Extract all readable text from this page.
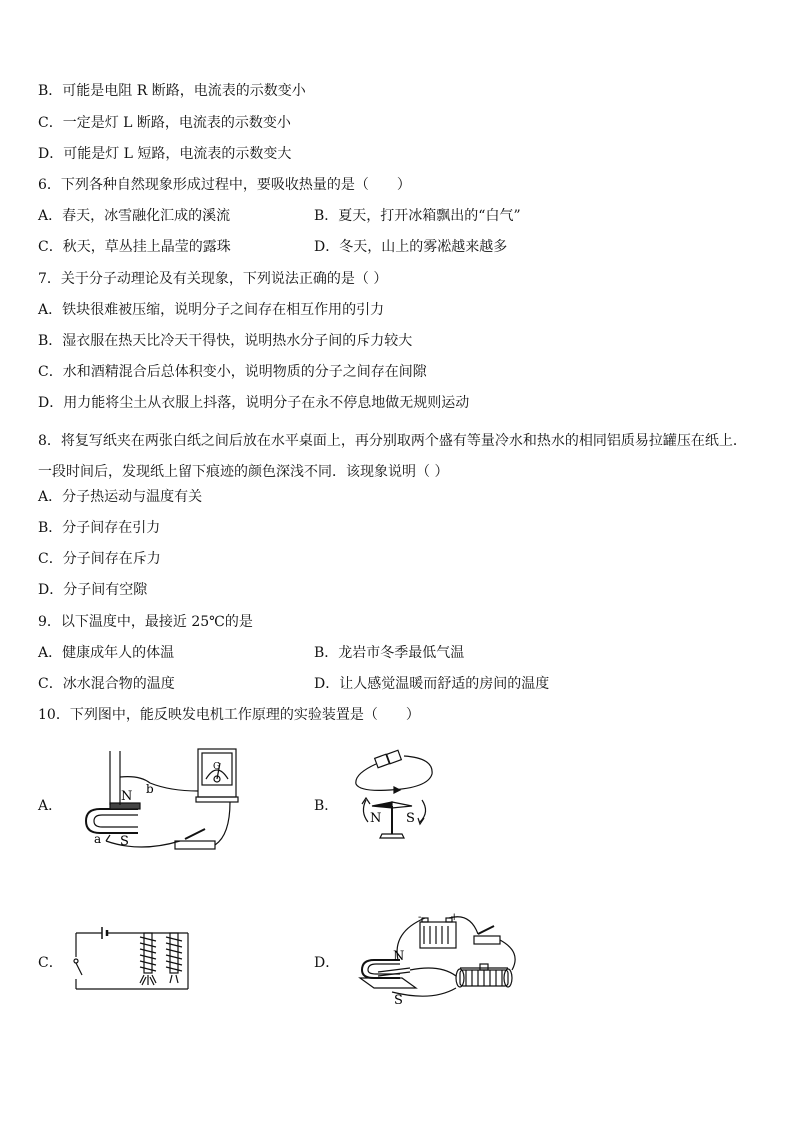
B．可能是电阻 R 断路，电流表的示数变小
C．一定是灯 L 断路，电流表的示数变小
D．可能是灯 L 短路，电流表的示数变大
6．下列各种自然现象形成过程中，要吸收热量的是（　　）
A．春天，冰雪融化汇成的溪流	B．夏天，打开冰箱飘出的“白气”
C．秋天，草丛挂上晶莹的露珠	D．冬天，山上的雾凇越来越多
7．关于分子动理论及有关现象，下列说法正确的是（ ）
A．铁块很难被压缩，说明分子之间存在相互作用的引力
B．湿衣服在热天比冷天干得快，说明热水分子间的斥力较大
C．水和酒精混合后总体积变小，说明物质的分子之间存在间隙
D．用力能将尘土从衣服上抖落，说明分子在永不停息地做无规则运动
8．将复写纸夹在两张白纸之间后放在水平桌面上，再分别取两个盛有等量冷水和热水的相同铝质易拉罐压在纸上．一段时间后，发现纸上留下痕迹的颜色深浅不同．该现象说明（ ）
A．分子热运动与温度有关
B．分子间存在引力
C．分子间存在斥力
D．分子间有空隙
9．以下温度中，最接近 25℃的是
A．健康成年人的体温	B．龙岩市冬季最低气温
C．冰水混合物的温度	D．让人感觉温暖而舒适的房间的温度
10．下列图中，能反映发电机工作原理的实验装置是（　　）
A．	B．
C．	D．
N b
a S
G
N S
N
S
-	+
